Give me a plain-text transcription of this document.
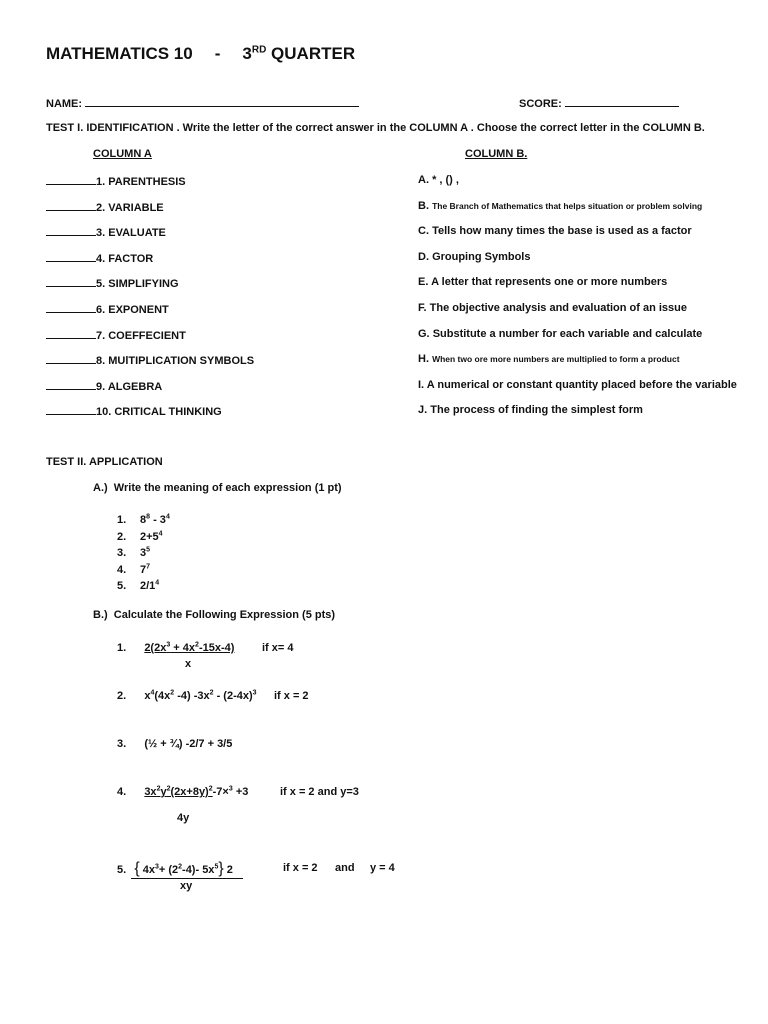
MATHEMATICS 10 - 3RD QUARTER
NAME:	SCORE:
TEST I. IDENTIFICATION . Write the letter of the correct answer in the COLUMN A . Choose the correct letter in the COLUMN B.
COLUMN A	COLUMN B.
1. PARENTHESIS
2. VARIABLE
3. EVALUATE
4. FACTOR
5. SIMPLIFYING
6. EXPONENT
7. COEFFECIENT
8. MUlTIPLICATION SYMBOLS
9. ALGEBRA
10. CRITICAL THINKING
A. * , () ,
B. The Branch of Mathematics that helps situation or problem solving
C. Tells how many times the base is used as a factor
D. Grouping Symbols
E. A letter that represents one or more numbers
F. The objective analysis and evaluation of an issue
G. Substitute a number for each variable and calculate
H. When two ore more numbers are multiplied to form a product
I. A numerical or constant quantity placed before the variable
J. The process of finding the simplest form
TEST II. APPLICATION
A.) Write the meaning of each expression (1 pt)
1. $8^8 - 3^4$
2. $2+5^4$
3. $3^5$
4. $7^7$
5. $2/1^4$
B.) Calculate the Following Expression (5 pts)
1. $2(2x^3 + 4x^2-15x-4)$
x
if x= 4
2. $x^4(4x^2$ -4) $-3x^2 - (2-4x)^3$ if x = 2
3. (½ + ¾) -2/7 + 3/5
4. $3x^2y^2(2x+8y)^2-7\times^3 +3$
4y
if x = 2 and y=3
5. { $4x^3+ (2^2-4)-$ $5x^5$} 2
xy
if x = 2 and y = 4
